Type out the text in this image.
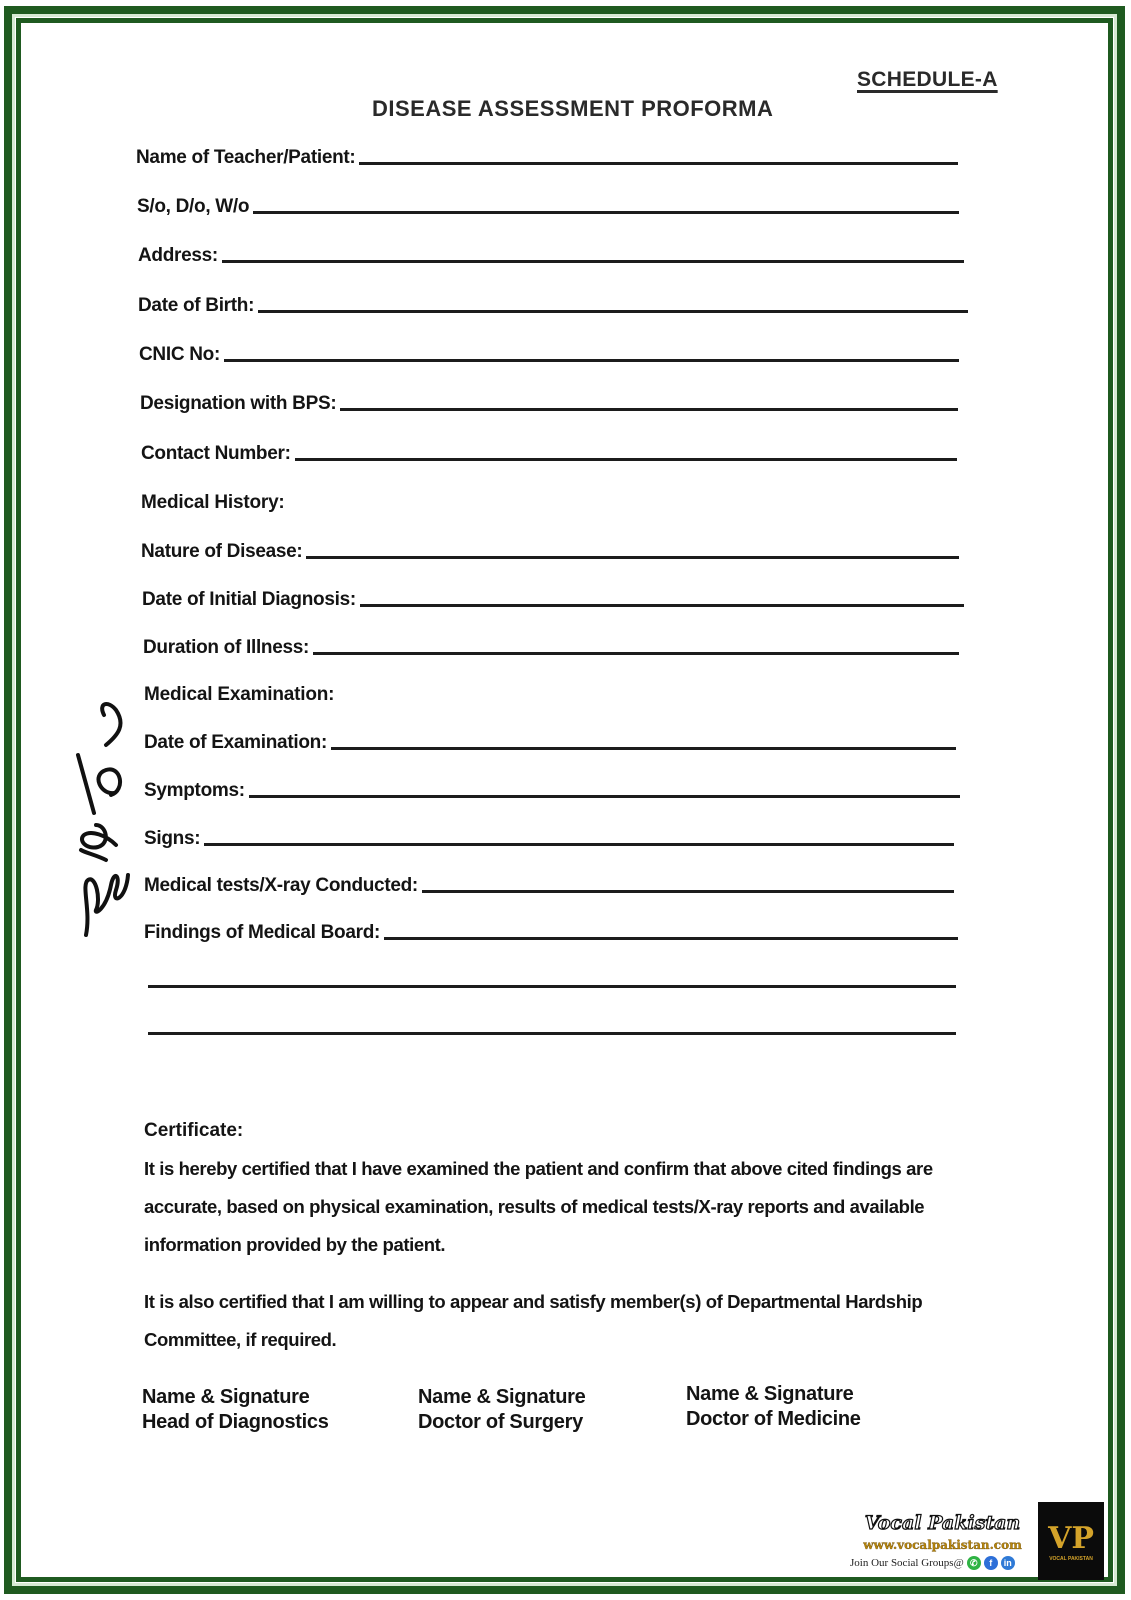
SCHEDULE-A
DISEASE ASSESSMENT PROFORMA
Name of Teacher/Patient:
S/o, D/o, W/o
Address:
Date of Birth:
CNIC No:
Designation with BPS:
Contact Number:
Medical History:
Nature of Disease:
Date of Initial Diagnosis:
Duration of Illness:
Medical Examination:
Date of Examination:
Symptoms:
Signs:
Medical tests/X-ray Conducted:
Findings of Medical Board:
Certificate:
It is hereby certified that I have examined the patient and confirm that above cited findings are accurate, based on physical examination, results of medical tests/X-ray reports and available information provided by the patient.
It is also certified that I am willing to appear and satisfy member(s) of Departmental Hardship Committee, if required.
Name & Signature
Head of Diagnostics
Name & Signature
Doctor of Surgery
Name & Signature
Doctor of Medicine
Vocal Pakistan
www.vocalpakistan.com
Join Our Social Groups@ ✆	f	in
VP
VOCAL PAKISTAN
